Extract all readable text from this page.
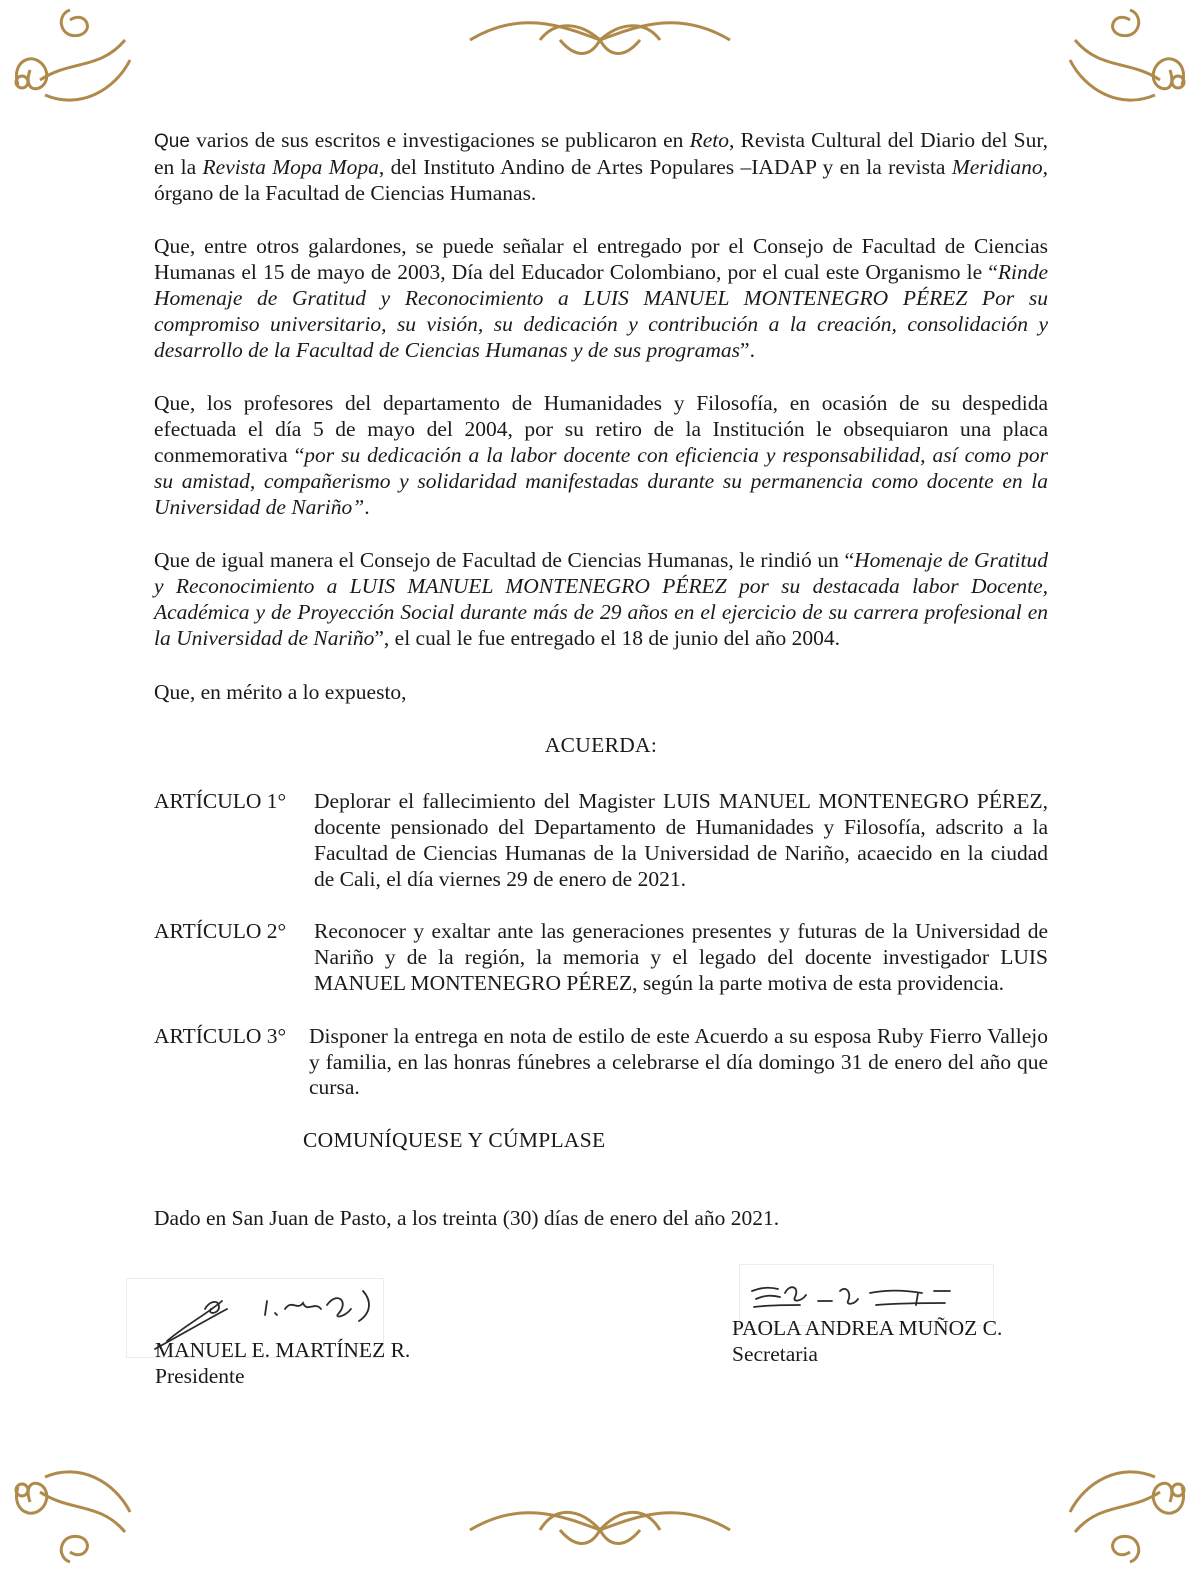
Que varios de sus escritos e investigaciones se publicaron en Reto, Revista Cultural del Diario del Sur, en la Revista Mopa Mopa, del Instituto Andino de Artes Populares –IADAP y en la revista Meridiano, órgano de la Facultad de Ciencias Humanas.

Que, entre otros galardones, se puede señalar el entregado por el Consejo de Facultad de Ciencias Humanas el 15 de mayo de 2003, Día del Educador Colombiano, por el cual este Organismo le “Rinde Homenaje de Gratitud y Reconocimiento a LUIS MANUEL MONTENEGRO PÉREZ Por su compromiso universitario, su visión, su dedicación y contribución a la creación, consolidación y desarrollo de la Facultad de Ciencias Humanas y de sus programas”.

Que, los profesores del departamento de Humanidades y Filosofía, en ocasión de su despedida efectuada el día 5 de mayo del 2004, por su retiro de la Institución le obsequiaron una placa conmemorativa “por su dedicación a la labor docente con eficiencia y responsabilidad, así como por su amistad, compañerismo y solidaridad manifestadas durante su permanencia como docente en la Universidad de Nariño”.

Que de igual manera el Consejo de Facultad de Ciencias Humanas, le rindió un “Homenaje de Gratitud y Reconocimiento a LUIS MANUEL MONTENEGRO PÉREZ por su destacada labor Docente, Académica y de Proyección Social durante más de 29 años en el ejercicio de su carrera profesional en la Universidad de Nariño”, el cual le fue entregado el 18 de junio del año 2004.

Que, en mérito a lo expuesto,

ACUERDA:
ARTÍCULO 1°	Deplorar el fallecimiento del Magister LUIS MANUEL MONTENEGRO PÉREZ, docente pensionado del Departamento de Humanidades y Filosofía, adscrito a la Facultad de Ciencias Humanas de la Universidad de Nariño, acaecido en la ciudad de Cali, el día viernes 29 de enero de 2021.
ARTÍCULO 2°	Reconocer y exaltar ante las generaciones presentes y futuras de la Universidad de Nariño y de la región, la memoria y el legado del docente investigador LUIS MANUEL MONTENEGRO PÉREZ, según la parte motiva de esta providencia.
ARTÍCULO 3°	Disponer la entrega en nota de estilo de este Acuerdo a su esposa Ruby Fierro Vallejo y familia, en las honras fúnebres a celebrarse el día domingo 31 de enero del año que cursa.
COMUNÍQUESE Y CÚMPLASE
Dado en San Juan de Pasto, a los treinta (30) días de enero del año 2021.
MANUEL E. MARTÍNEZ R.
Presidente
PAOLA ANDREA MUÑOZ C.
Secretaria
